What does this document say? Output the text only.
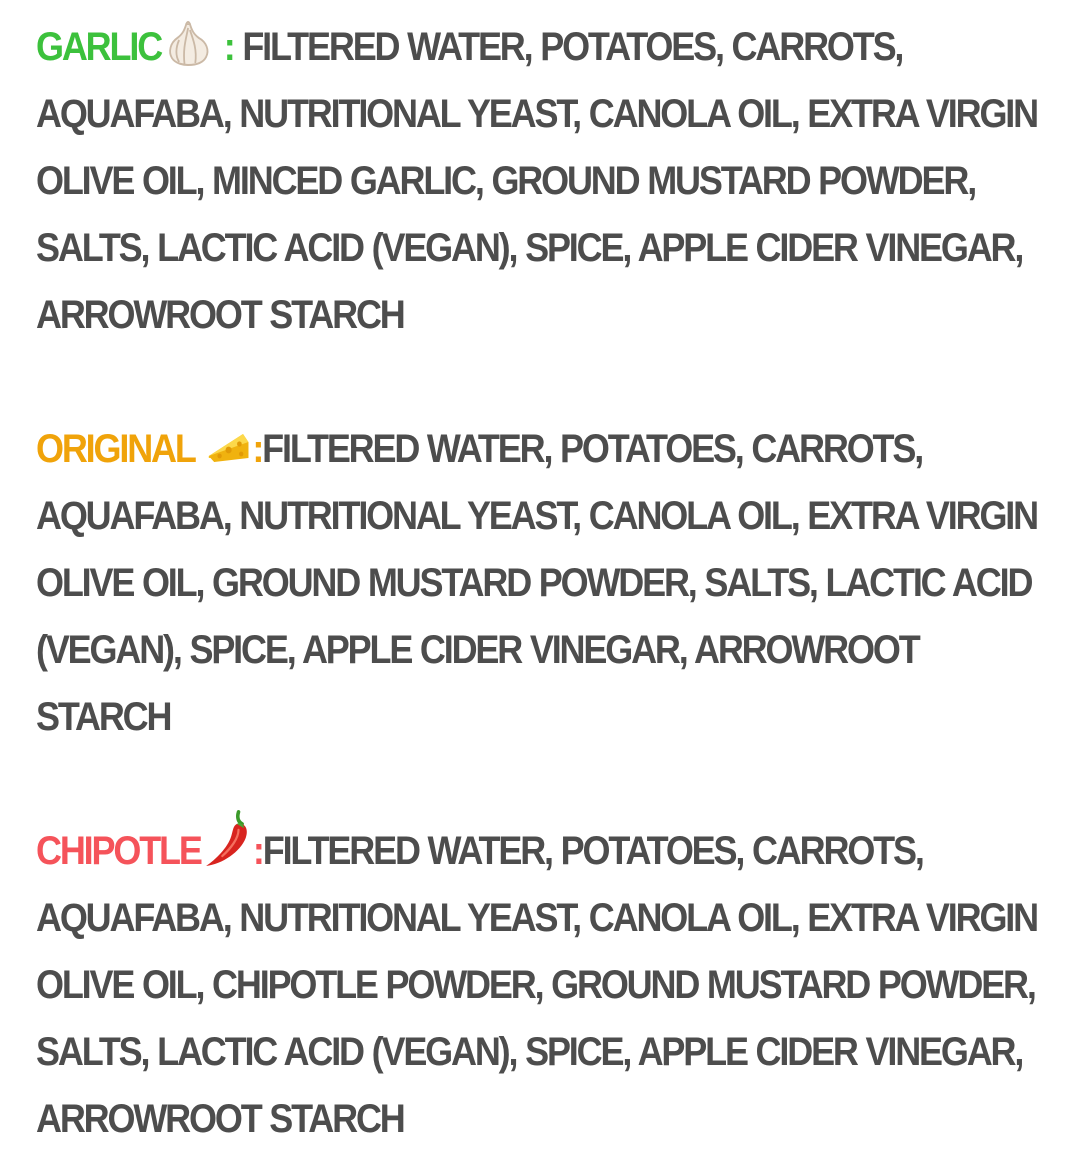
GARLIC
: FILTERED WATER, POTATOES, CARROTS, AQUAFABA, NUTRITIONAL YEAST, CANOLA OIL, EXTRA VIRGIN OLIVE OIL, MINCED GARLIC, GROUND MUSTARD POWDER, SALTS, LACTIC ACID (VEGAN), SPICE, APPLE CIDER VINEGAR, ARROWROOT STARCH

ORIGINAL :FILTERED WATER, POTATOES, CARROTS, AQUAFABA, NUTRITIONAL YEAST, CANOLA OIL, EXTRA VIRGIN OLIVE OIL, GROUND MUSTARD POWDER, SALTS, LACTIC ACID (VEGAN), SPICE, APPLE CIDER VINEGAR, ARROWROOT STARCH

CHIPOTLE :FILTERED WATER, POTATOES, CARROTS, AQUAFABA, NUTRITIONAL YEAST, CANOLA OIL, EXTRA VIRGIN OLIVE OIL, CHIPOTLE POWDER, GROUND MUSTARD POWDER, SALTS, LACTIC ACID (VEGAN), SPICE, APPLE CIDER VINEGAR, ARROWROOT STARCH
